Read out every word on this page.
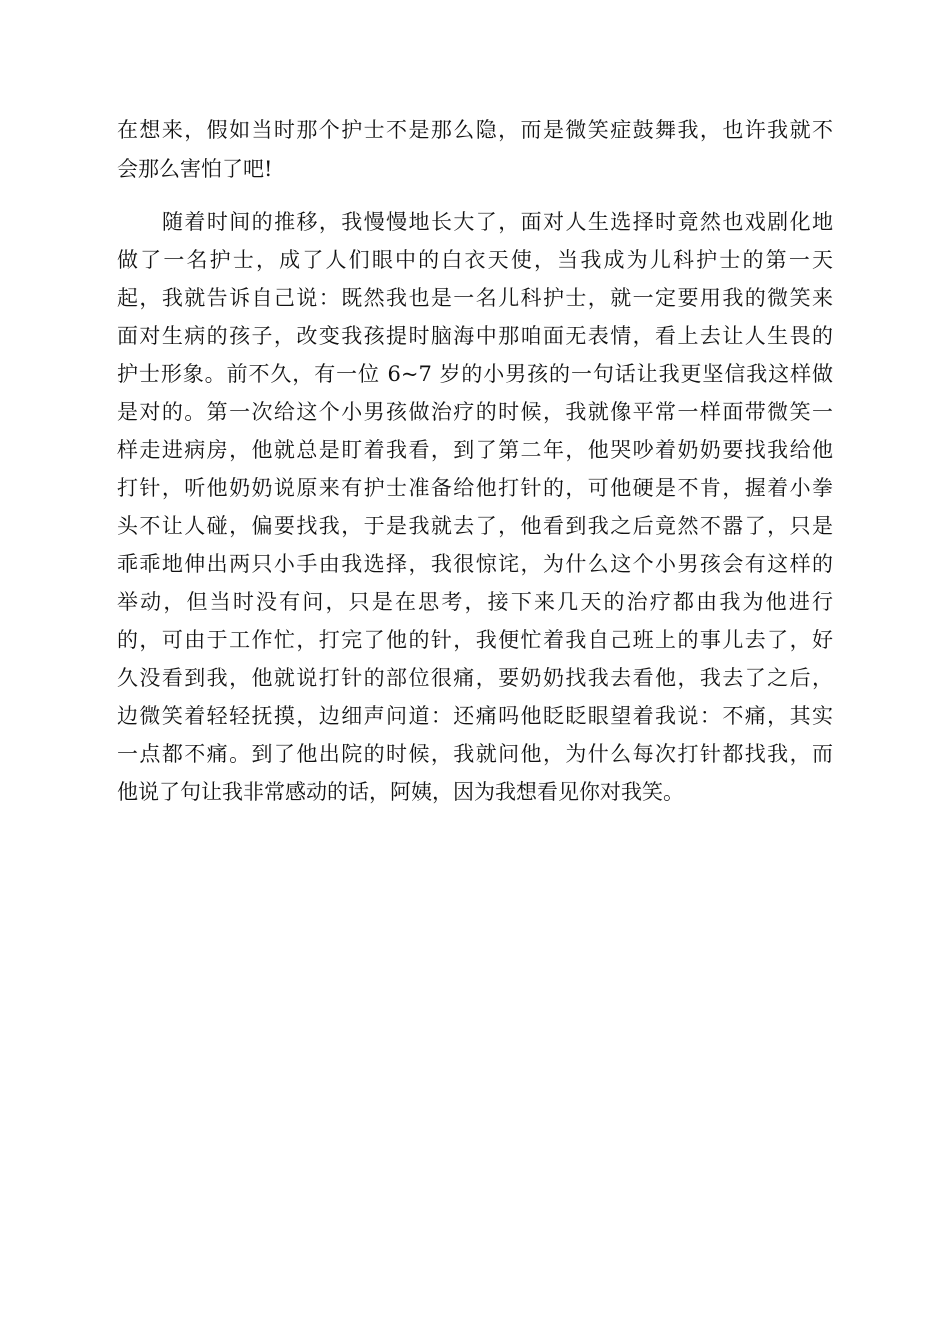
在想来，假如当时那个护士不是那么隐，而是微笑症鼓舞我，也许我就不
会那么害怕了吧!
随着时间的推移，我慢慢地长大了，面对人生选择时竟然也戏剧化地
做了一名护士，成了人们眼中的白衣天使，当我成为儿科护士的第一天
起，我就告诉自己说：既然我也是一名儿科护士，就一定要用我的微笑来
面对生病的孩子，改变我孩提时脑海中那咱面无表情，看上去让人生畏的
护士形象。前不久，有一位 6~7 岁的小男孩的一句话让我更坚信我这样做
是对的。第一次给这个小男孩做治疗的时候，我就像平常一样面带微笑一
样走进病房，他就总是盯着我看，到了第二年，他哭吵着奶奶要找我给他
打针，听他奶奶说原来有护士准备给他打针的，可他硬是不肯，握着小拳
头不让人碰，偏要找我，于是我就去了，他看到我之后竟然不嚣了，只是
乖乖地伸出两只小手由我选择，我很惊诧，为什么这个小男孩会有这样的
举动，但当时没有问，只是在思考，接下来几天的治疗都由我为他进行
的，可由于工作忙，打完了他的针，我便忙着我自己班上的事儿去了，好
久没看到我，他就说打针的部位很痛，要奶奶找我去看他，我去了之后，
边微笑着轻轻抚摸，边细声问道：还痛吗他眨眨眼望着我说：不痛，其实
一点都不痛。到了他出院的时候，我就问他，为什么每次打针都找我，而
他说了句让我非常感动的话，阿姨，因为我想看见你对我笑。
